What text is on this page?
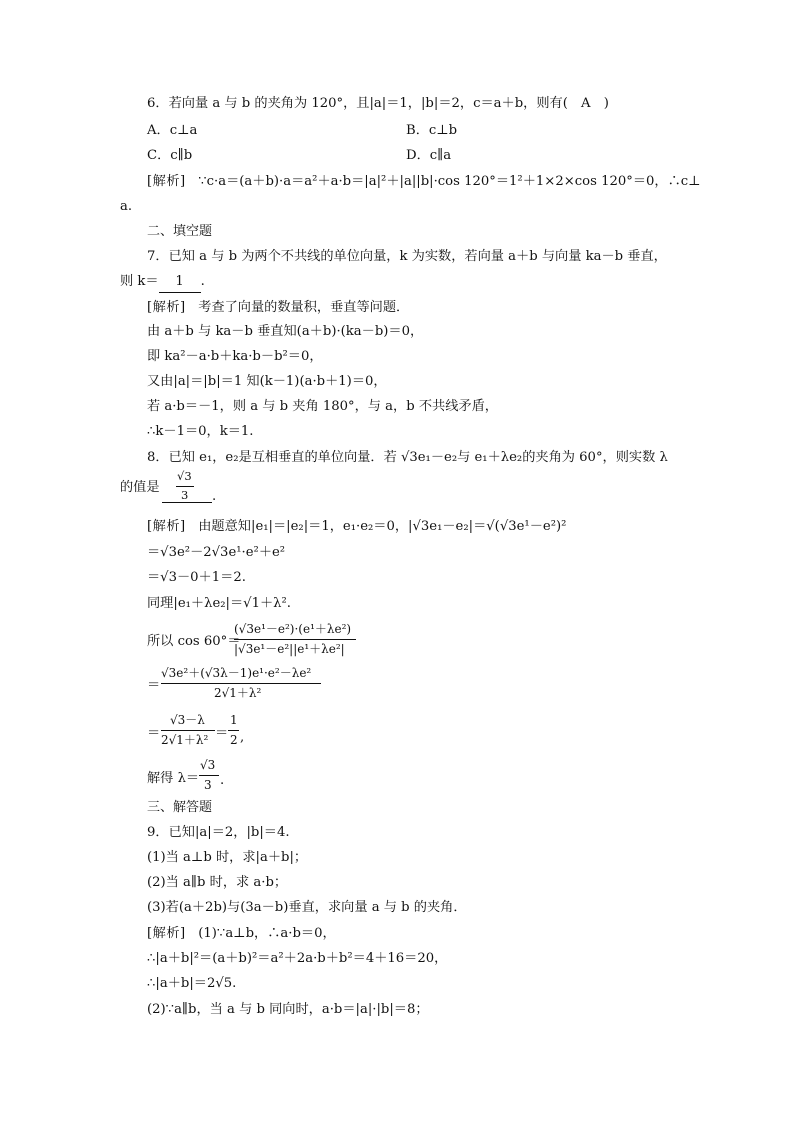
6．若向量 a 与 b 的夹角为 120°，且|a|＝1，|b|＝2，c＝a＋b，则有(　A　)
A．c⊥a	B．c⊥b
C．c∥b	D．c∥a
[解析] ∵c·a＝(a＋b)·a＝a²＋a·b＝|a|²＋|a||b|·cos 120°＝1²＋1×2×cos 120°＝0，∴c⊥
a.
二、填空题
7．已知 a 与 b 为两个不共线的单位向量，k 为实数，若向量 a＋b 与向量 ka－b 垂直，
则 k＝ 1 .
[解析] 考查了向量的数量积，垂直等问题．
由 a＋b 与 ka－b 垂直知(a＋b)·(ka－b)＝0，
即 ka²－a·b＋ka·b－b²＝0，
又由|a|＝|b|＝1 知(k－1)(a·b＋1)＝0，
若 a·b＝－1，则 a 与 b 夹角 180°，与 a，b 不共线矛盾，
∴k－1＝0，k＝1.
8．已知 e₁，e₂是互相垂直的单位向量．若 √3e₁－e₂与 e₁＋λe₂的夹角为 60°，则实数 λ
的值是
√3
3 .
[解析] 由题意知|e₁|＝|e₂|＝1，e₁·e₂＝0，|√3e₁－e₂|＝√(√3e¹－e²)²
＝√3e²－2√3e¹·e²＋e²
＝√3－0＋1＝2.
同理|e₁＋λe₂|＝√1＋λ².
所以 cos 60°＝
(√3e¹－e²)·(e¹＋λe²)
|√3e¹－e²||e¹＋λe²|
＝
√3e²＋(√3λ－1)e¹·e²－λe²
2√1＋λ²
＝
√3－λ
2√1＋λ² ＝
1
2 ,
解得 λ＝
√3
3 .
三、解答题
9．已知|a|＝2，|b|＝4.
(1)当 a⊥b 时，求|a＋b|；
(2)当 a∥b 时，求 a·b；
(3)若(a＋2b)与(3a－b)垂直，求向量 a 与 b 的夹角．
[解析] (1)∵a⊥b，∴a·b＝0，
∴|a＋b|²＝(a＋b)²＝a²＋2a·b＋b²＝4＋16＝20，
∴|a＋b|＝2√5.
(2)∵a∥b，当 a 与 b 同向时，a·b＝|a|·|b|＝8；
